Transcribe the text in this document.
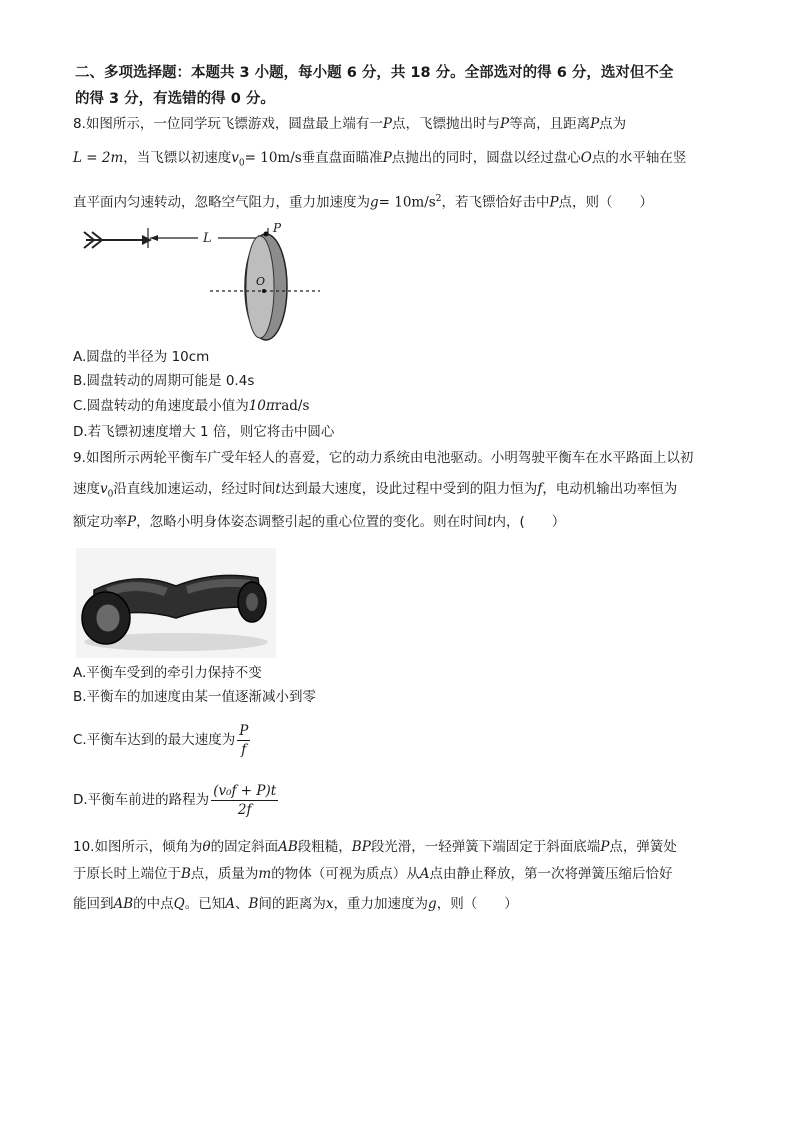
二、多项选择题：本题共 3 小题，每小题 6 分，共 18 分。全部选对的得 6 分，选对但不全
的得 3 分，有选错的得 0 分。
8.如图所示，一位同学玩飞镖游戏，圆盘最上端有一P点，飞镖抛出时与P等高，且距离P点为
L = 2m，当飞镖以初速度$v_0= 10m/s$垂直盘面瞄准P点抛出的同时，圆盘以经过盘心O点的水平轴在竖
直平面内匀速转动，忽略空气阻力，重力加速度为$g= 10m/s^2$，若飞镖恰好击中P点，则（　　）
L
P
O
A.圆盘的半径为 10cm
B.圆盘转动的周期可能是 0.4s
C.圆盘转动的角速度最小值为10πrad/s
D.若飞镖初速度增大 1 倍，则它将击中圆心
9.如图所示两轮平衡车广受年轻人的喜爱，它的动力系统由电池驱动。小明驾驶平衡车在水平路面上以初
速度$v_0$沿直线加速运动，经过时间t达到最大速度，设此过程中受到的阻力恒为f，电动机输出功率恒为
额定功率P，忽略小明身体姿态调整引起的重心位置的变化。则在时间t内，(　　）
A.平衡车受到的牵引力保持不变
B.平衡车的加速度由某一值逐渐减小到零
C.平衡车达到的最大速度为 $\frac{P}{f}$
D.平衡车前进的路程为 $\frac{\text{(v₀f + P)t}}{2f}$
10.如图所示，倾角为θ的固定斜面AB段粗糙，BP段光滑，一轻弹簧下端固定于斜面底端P点，弹簧处
于原长时上端位于B点，质量为m的物体（可视为质点）从A点由静止释放，第一次将弹簧压缩后恰好
能回到AB的中点Q。已知A、B间的距离为x，重力加速度为g，则（　　）
